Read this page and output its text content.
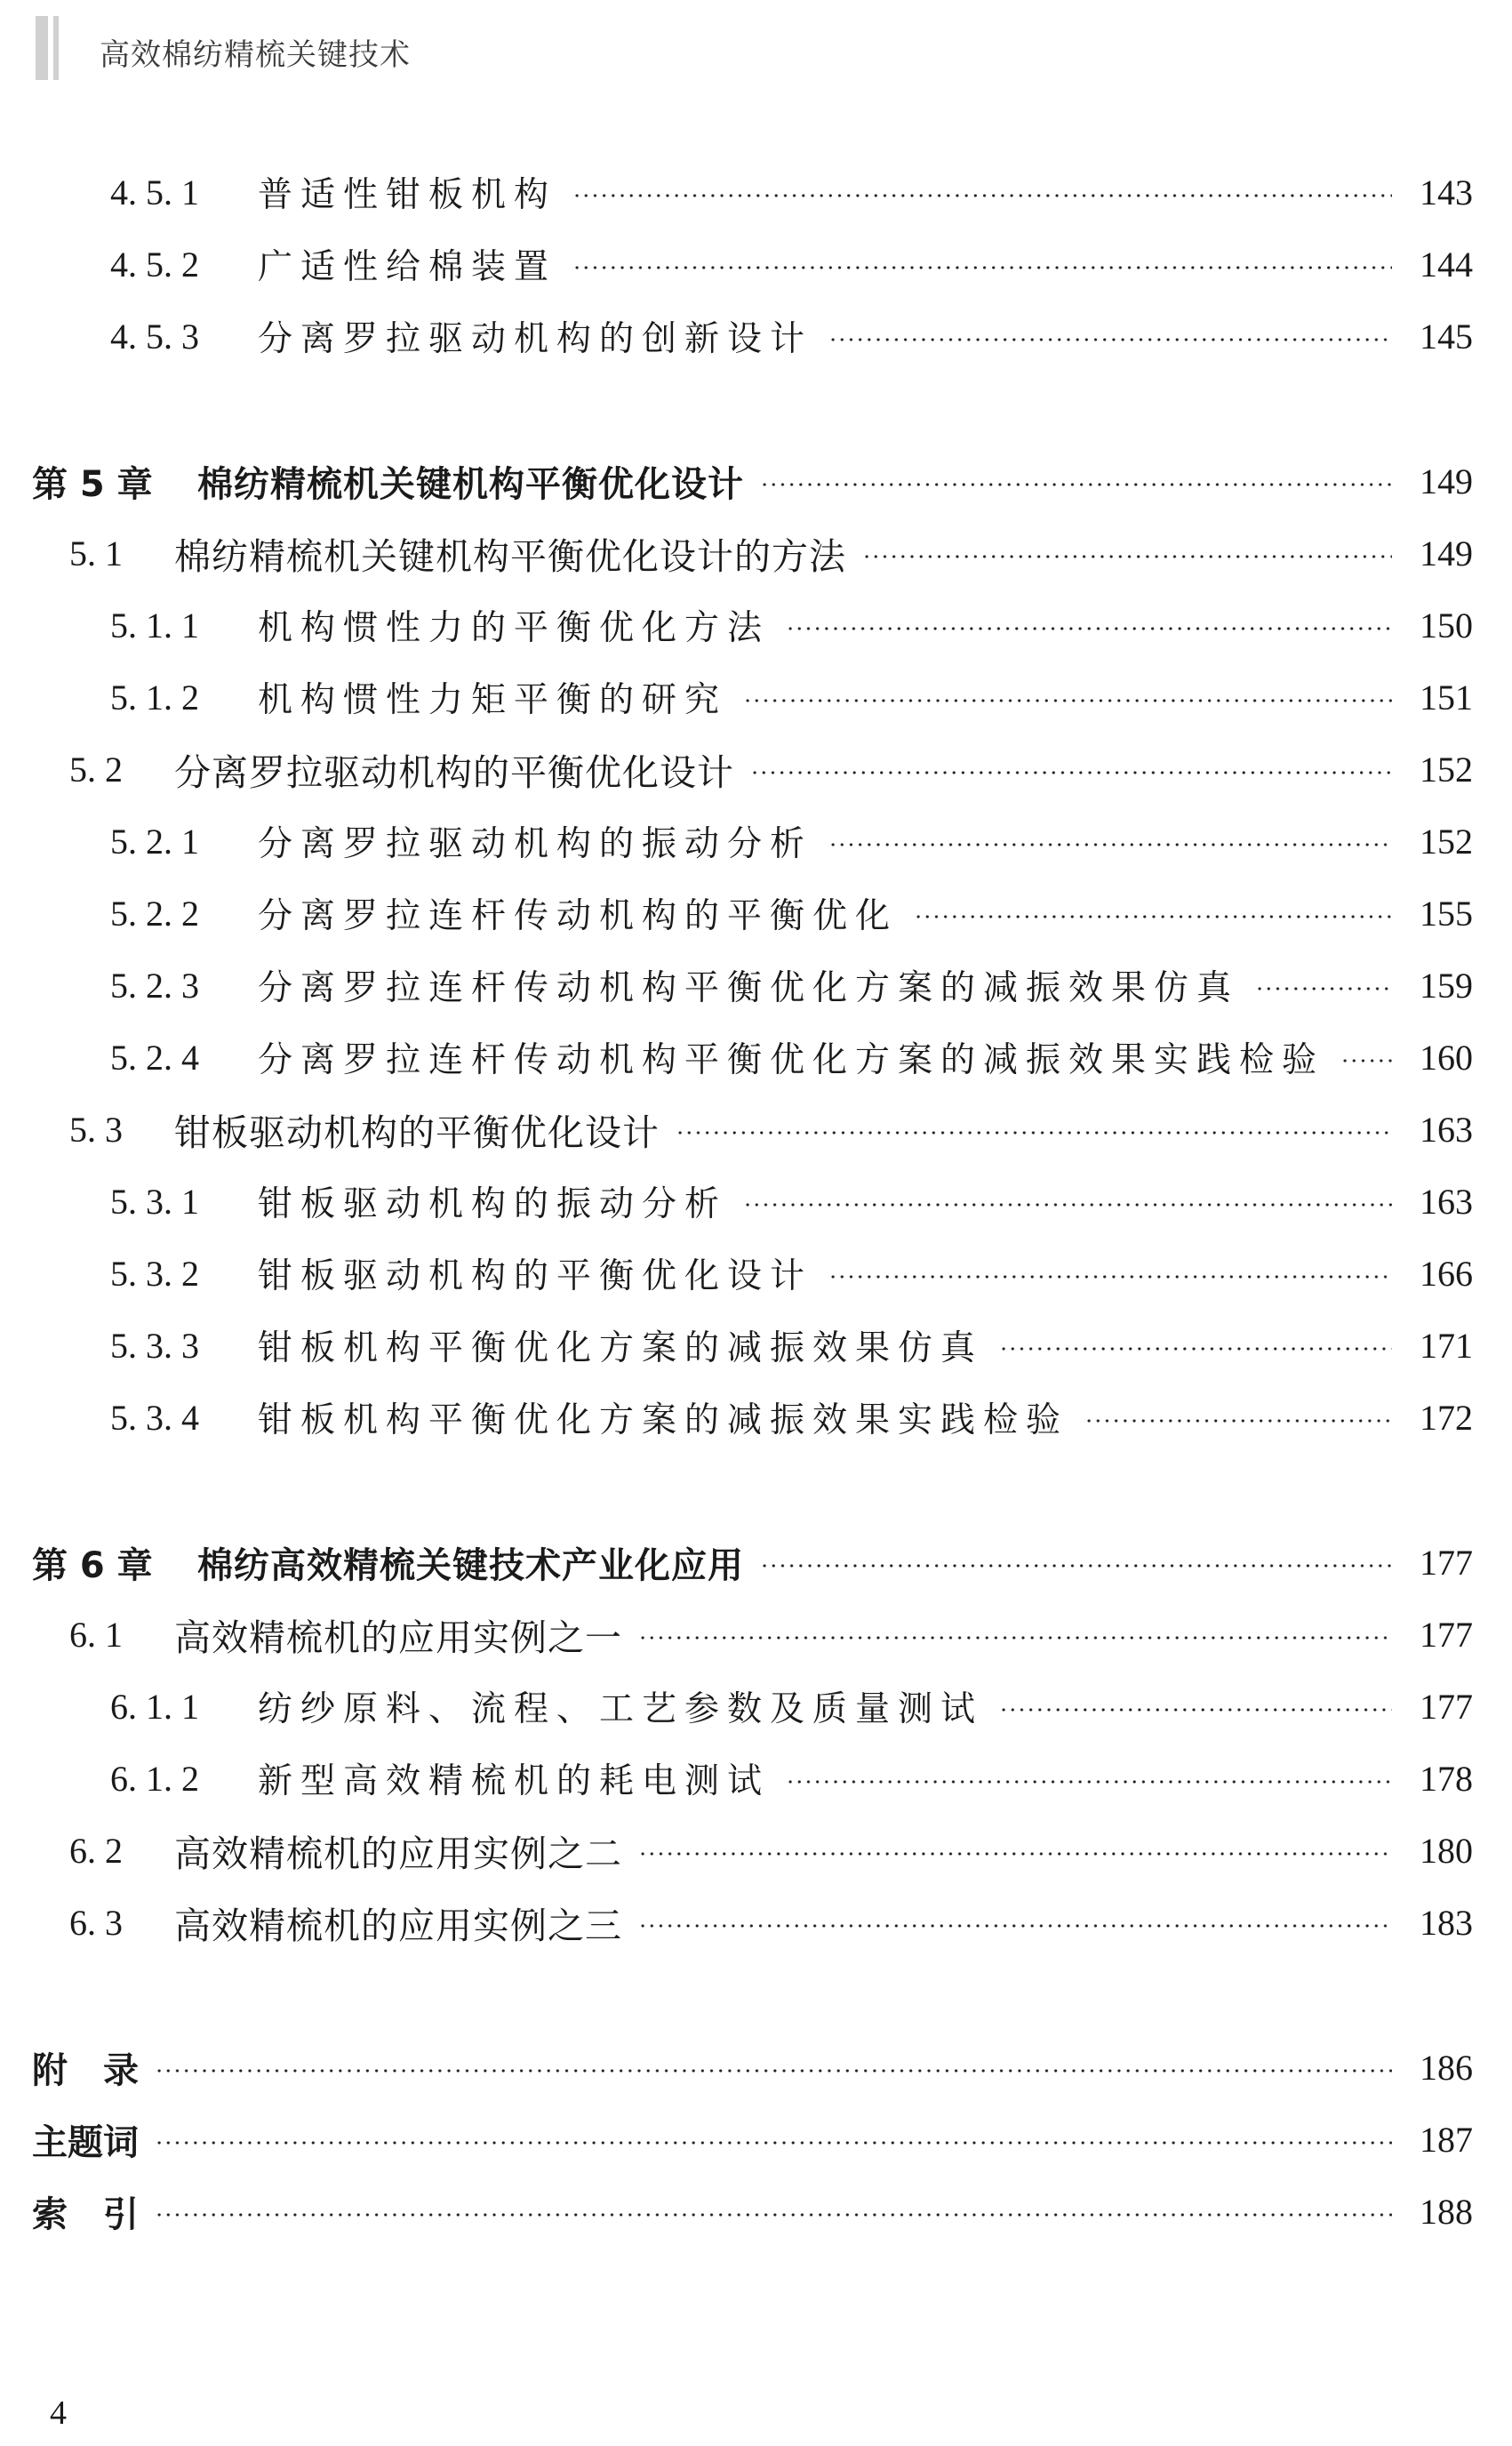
高效棉纺精梳关键技术
4. 5. 1 普适性钳板机构	143
4. 5. 2 广适性给棉装置	144
4. 5. 3 分离罗拉驱动机构的创新设计	145
第 5 章 棉纺精梳机关键机构平衡优化设计	149
5. 1 棉纺精梳机关键机构平衡优化设计的方法	149
5. 1. 1 机构惯性力的平衡优化方法	150
5. 1. 2 机构惯性力矩平衡的研究	151
5. 2 分离罗拉驱动机构的平衡优化设计	152
5. 2. 1 分离罗拉驱动机构的振动分析	152
5. 2. 2 分离罗拉连杆传动机构的平衡优化	155
5. 2. 3 分离罗拉连杆传动机构平衡优化方案的减振效果仿真	159
5. 2. 4 分离罗拉连杆传动机构平衡优化方案的减振效果实践检验	160
5. 3 钳板驱动机构的平衡优化设计	163
5. 3. 1 钳板驱动机构的振动分析	163
5. 3. 2 钳板驱动机构的平衡优化设计	166
5. 3. 3 钳板机构平衡优化方案的减振效果仿真	171
5. 3. 4 钳板机构平衡优化方案的减振效果实践检验	172
第 6 章 棉纺高效精梳关键技术产业化应用	177
6. 1 高效精梳机的应用实例之一	177
6. 1. 1 纺纱原料、流程、工艺参数及质量测试	177
6. 1. 2 新型高效精梳机的耗电测试	178
6. 2 高效精梳机的应用实例之二	180
6. 3 高效精梳机的应用实例之三	183
附　录	186
主题词	187
索　引	188
4
